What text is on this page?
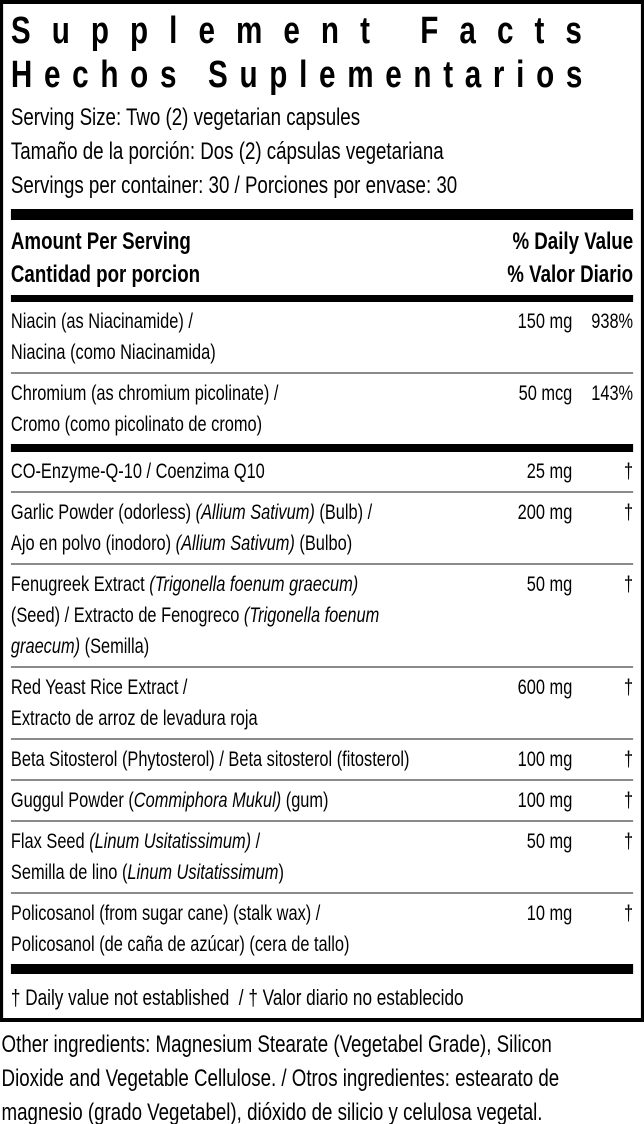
Supplement Facts
Hechos Suplementarios
Serving Size: Two (2) vegetarian capsules
Tamaño de la porción: Dos (2) cápsulas vegetariana
Servings per container: 30 / Porciones por envase: 30
Amount Per Serving
Cantidad por porcion
% Daily Value
% Valor Diario
Niacin (as Niacinamide) /
Niacina (como Niacinamida)
150 mg 938%
Chromium (as chromium picolinate) /
Cromo (como picolinato de cromo)
50 mcg 143%
CO-Enzyme-Q-10 / Coenzima Q10	25 mg	†
Garlic Powder (odorless) (Allium Sativum) (Bulb) /
Ajo en polvo (inodoro) (Allium Sativum) (Bulbo)
200 mg	†
Fenugreek Extract (Trigonella foenum graecum)
(Seed) / Extracto de Fenogreco (Trigonella foenum
graecum) (Semilla)
50 mg	†
Red Yeast Rice Extract /
Extracto de arroz de levadura roja
600 mg	†
Beta Sitosterol (Phytosterol) / Beta sitosterol (fitosterol)	100 mg	†
Guggul Powder (Commiphora Mukul) (gum)	100 mg	†
Flax Seed (Linum Usitatissimum) /
Semilla de lino (Linum Usitatissimum)
50 mg	†
Policosanol (from sugar cane) (stalk wax) /
Policosanol (de caña de azúcar) (cera de tallo)
10 mg	†
† Daily value not established  / † Valor diario no establecido
Other ingredients: Magnesium Stearate (Vegetabel Grade), Silicon
Dioxide and Vegetable Cellulose. / Otros ingredientes: estearato de
magnesio (grado Vegetabel), dióxido de silicio y celulosa vegetal.
